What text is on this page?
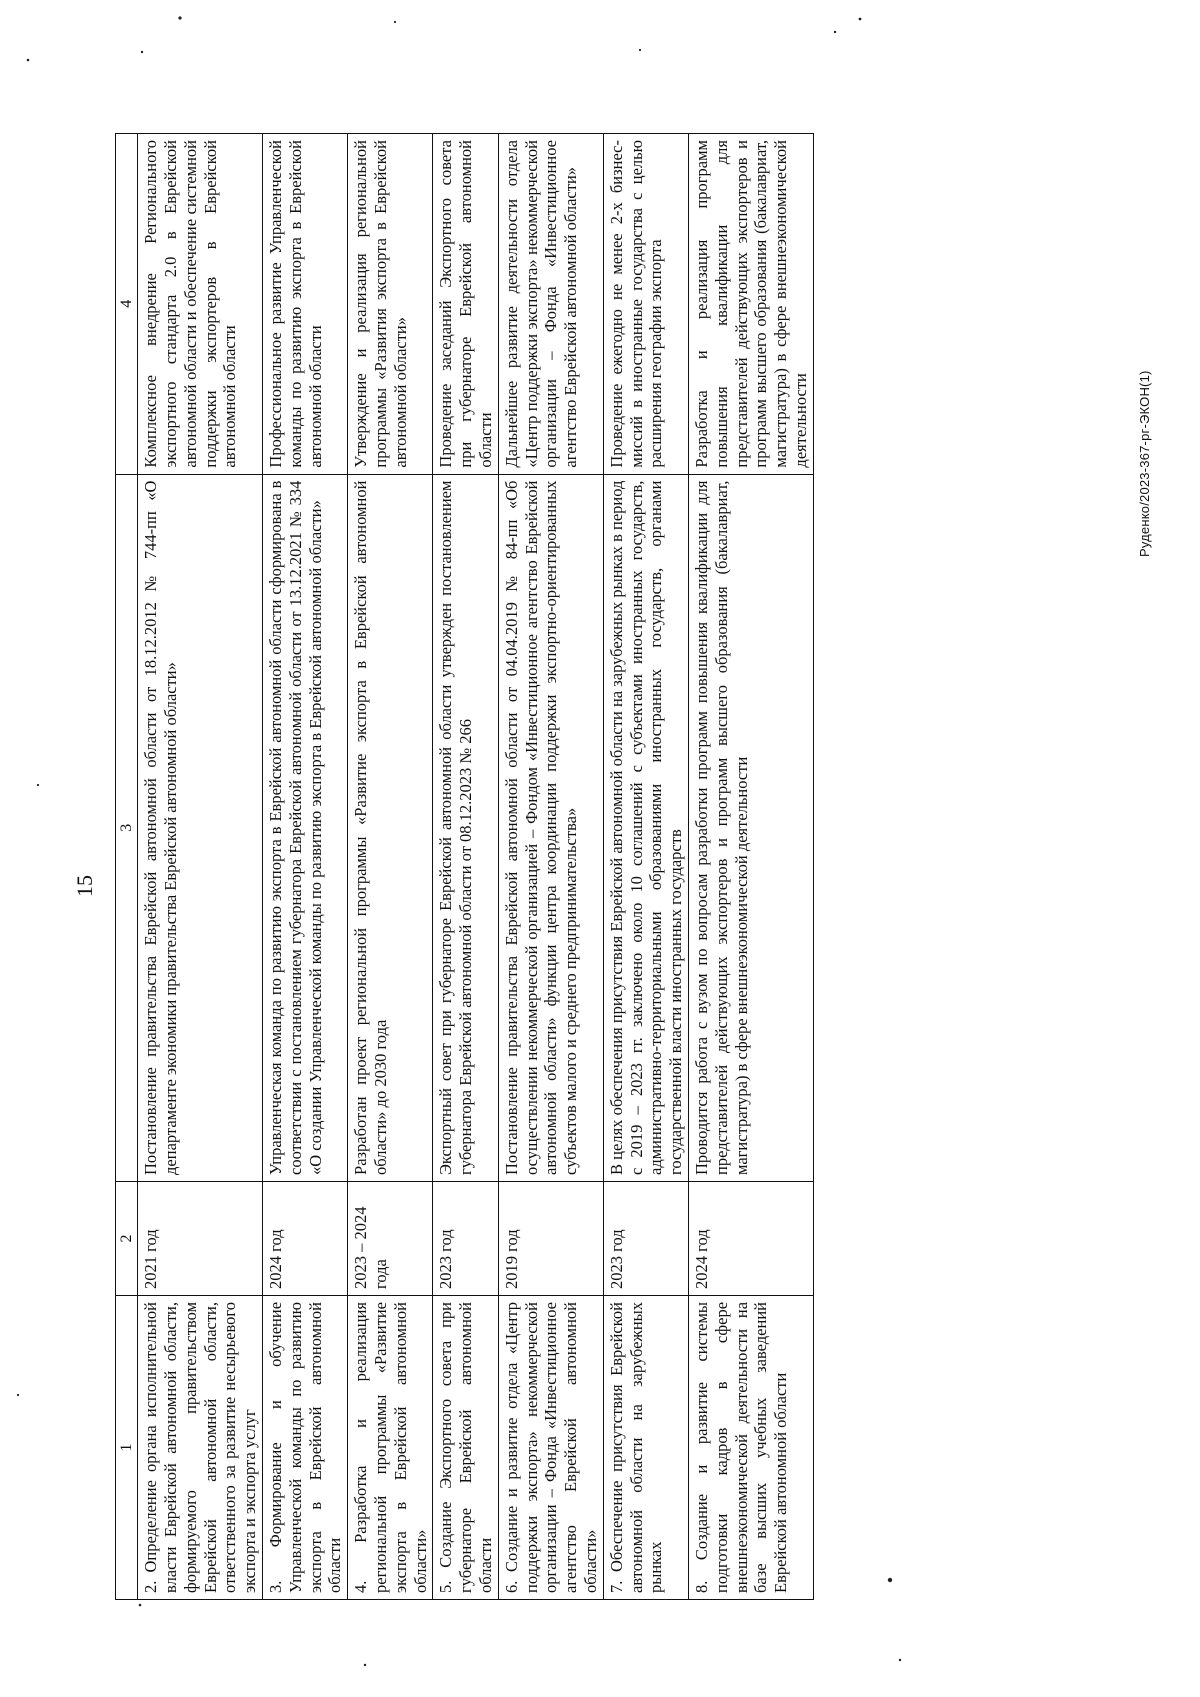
15
1	2	3	4
2. Определение органа исполнительной власти Еврейской автономной области, формируемого правительством Еврейской автономной области, ответственного за развитие несырьевого экспорта и экспорта услуг	2021 год	Постановление правительства Еврейской автономной области от 18.12.2012 № 744-пп «О департаменте экономики правительства Еврейской автономной области»	Комплексное внедрение Регионального экспортного стандарта 2.0 в Еврейской автономной области и обеспечение системной поддержки экспортеров в Еврейской автономной области
3. Формирование и обучение Управленческой команды по развитию экспорта в Еврейской автономной области	2024 год	Управленческая команда по развитию экспорта в Еврейской автономной области сформирована в соответствии с постановлением губернатора Еврейской автономной области от 13.12.2021 № 334 «О создании Управленческой команды по развитию экспорта в Еврейской автономной области»	Профессиональное развитие Управленческой команды по развитию экспорта в Еврейской автономной области
4. Разработка и реализация региональной программы «Развитие экспорта в Еврейской автономной области»	2023 – 2024 года	Разработан проект региональной программы «Развитие экспорта в Еврейской автономной области» до 2030 года	Утверждение и реализация региональной программы «Развития экспорта в Еврейской автономной области»
5. Создание Экспортного совета при губернаторе Еврейской автономной области	2023 год	Экспортный совет при губернаторе Еврейской автономной области утвержден постановлением губернатора Еврейской автономной области от 08.12.2023 № 266	Проведение заседаний Экспортного совета при губернаторе Еврейской автономной области
6. Создание и развитие отдела «Центр поддержки экспорта» некоммерческой организации – Фонда «Инвестиционное агентство Еврейской автономной области»	2019 год	Постановление правительства Еврейской автономной области от 04.04.2019 № 84-пп «Об осуществлении некоммерческой организацией – Фондом «Инвестиционное агентство Еврейской автономной области» функции центра координации поддержки экспортно-ориентированных субъектов малого и среднего предпринимательства»	Дальнейшее развитие деятельности отдела «Центр поддержки экспорта» некоммерческой организации – Фонда «Инвестиционное агентство Еврейской автономной области»
7. Обеспечение присутствия Еврейской автономной области на зарубежных рынках	2023 год	В целях обеспечения присутствия Еврейской автономной области на зарубежных рынках в период с 2019 – 2023 гг. заключено около 10 соглашений с субъектами иностранных государств, административно-территориальными образованиями иностранных государств, органами государственной власти иностранных государств	Проведение ежегодно не менее 2-х бизнес-миссий в иностранные государства с целью расширения географии экспорта
8. Создание и развитие системы подготовки кадров в сфере внешнеэкономической деятельности на базе высших учебных заведений Еврейской автономной области	2024 год	Проводится работа с вузом по вопросам разработки программ повышения квалификации для представителей действующих экспортеров и программ высшего образования (бакалавриат, магистратура) в сфере внешнеэкономической деятельности	Разработка и реализация программ повышения квалификации для представителей действующих экспортеров и программ высшего образования (бакалавриат, магистратура) в сфере внешнеэкономической деятельности	Руденко/2023-367-рг-ЭКОН(1)
